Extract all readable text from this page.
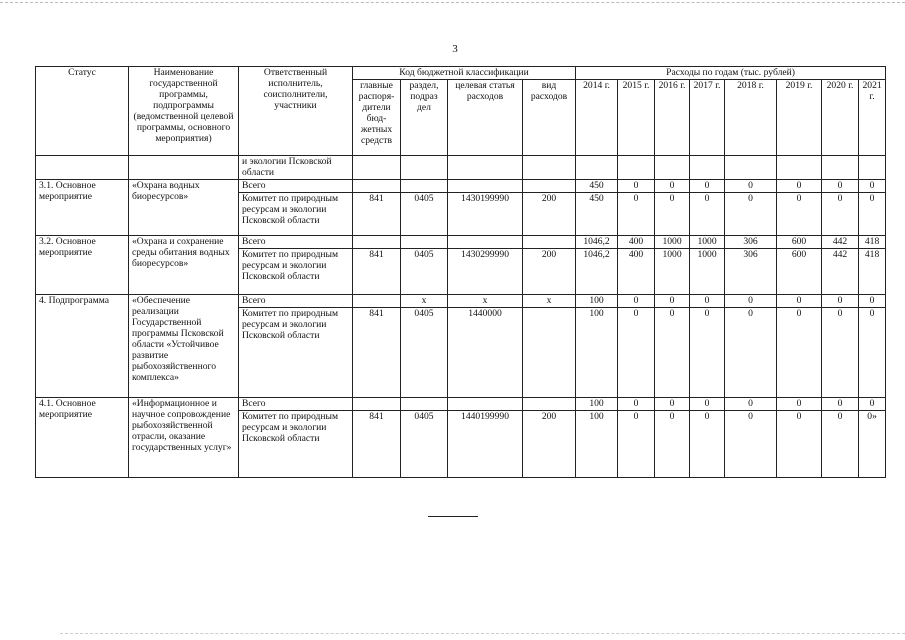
3
Статус	Наименование государственной программы, подпрограммы (ведомственной целевой программы, основного мероприятия)	Ответственный исполнитель, соисполнители, участники	Код бюджетной классификации				Расходы по годам (тыс. рублей)							
			главные распоря-дители бюд-жетных средств	раздел, подраз дел	целевая статья расходов	вид расходов	2014 г.	2015 г.	2016 г.	2017 г.	2018 г.	2019 г.	2020 г.	2021 г.
		и экологии Псковской области												
3.1. Основное мероприятие	«Охрана водных биоресурсов»	Всего					450	0	0	0	0	0	0	0
		Комитет по природным ресурсам и экологии Псковской области	841	0405	1430199990	200	450	0	0	0	0	0	0	0
3.2. Основное мероприятие	«Охрана и сохранение среды обитания водных биоресурсов»	Всего					1046,2	400	1000	1000	306	600	442	418
		Комитет по природным ресурсам и экологии Псковской области	841	0405	1430299990	200	1046,2	400	1000	1000	306	600	442	418
4. Подпрограмма	«Обеспечение реализации Государственной программы Псковской области «Устойчивое развитие рыбохозяйственного комплекса»	Всего		х	х	х	100	0	0	0	0	0	0	0
		Комитет по природным ресурсам и экологии Псковской области	841	0405	1440000		100	0	0	0	0	0	0	0
4.1. Основное мероприятие	«Информационное и научное сопровождение рыбохозяйственной отрасли, оказание государственных услуг»	Всего					100	0	0	0	0	0	0	0
		Комитет по природным ресурсам и экологии Псковской области	841	0405	1440199990	200	100	0	0	0	0	0	0	0»
